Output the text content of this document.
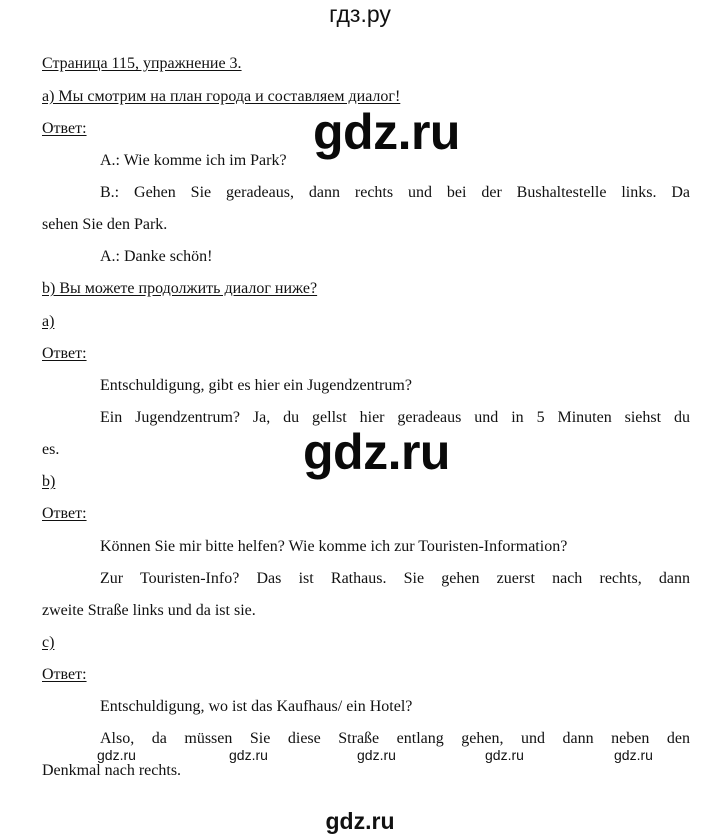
гдз.ру
Страница 115, упражнение 3.
а) Мы смотрим на план города и составляем диалог!
Ответ:
A.: Wie komme ich im Park?
B.: Gehen Sie geradeaus, dann rechts und bei der Bushaltestelle links. Da
sehen Sie den Park.
A.: Danke schön!
b) Вы можете продолжить диалог ниже?
a)
Ответ:
Entschuldigung, gibt es hier ein Jugendzentrum?
Ein Jugendzentrum? Ja, du gellst hier geradeaus und in 5 Minuten siehst du
es.
b)
Ответ:
Können Sie mir bitte helfen? Wie komme ich zur Touristen-Information?
Zur Touristen-Info? Das ist Rathaus. Sie gehen zuerst nach rechts, dann
zweite Straße links und da ist sie.
c)
Ответ:
Entschuldigung, wo ist das Kaufhaus/ ein Hotel?
Also, da müssen Sie diese Straße entlang gehen, und dann neben den
Denkmal nach rechts.
gdz.ru
gdz.ru
gdz.ru	gdz.ru	gdz.ru	gdz.ru	gdz.ru
gdz.ru
